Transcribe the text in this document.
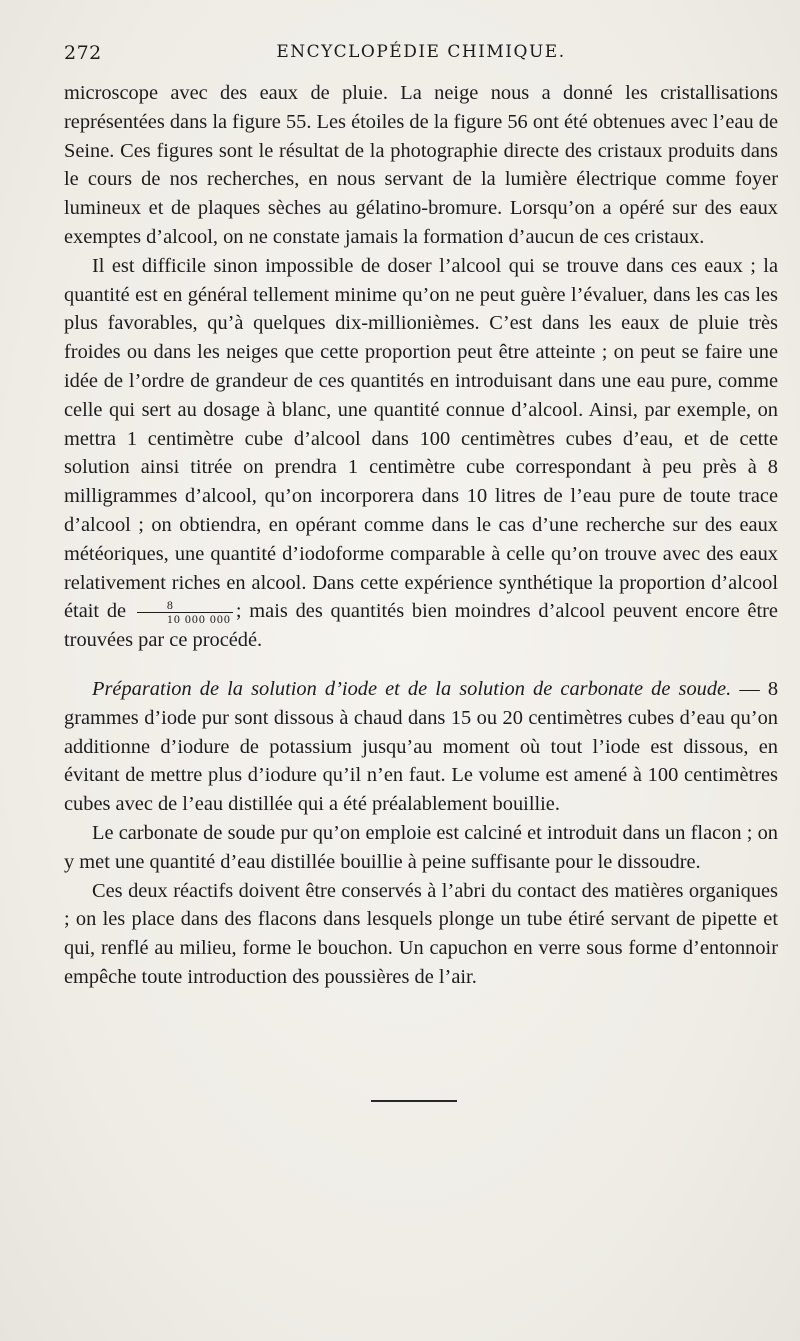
272	ENCYCLOPÉDIE CHIMIQUE.

microscope avec des eaux de pluie. La neige nous a donné les cristallisations représentées dans la figure 55. Les étoiles de la figure 56 ont été obtenues avec l’eau de Seine. Ces figures sont le résultat de la photographie directe des cristaux produits dans le cours de nos recherches, en nous servant de la lumière électrique comme foyer lumineux et de plaques sèches au gélatino-bromure. Lorsqu’on a opéré sur des eaux exemptes d’alcool, on ne constate jamais la formation d’aucun de ces cristaux.

Il est difficile sinon impossible de doser l’alcool qui se trouve dans ces eaux ; la quantité est en général tellement minime qu’on ne peut guère l’évaluer, dans les cas les plus favorables, qu’à quelques dix-millionièmes. C’est dans les eaux de pluie très froides ou dans les neiges que cette proportion peut être atteinte ; on peut se faire une idée de l’ordre de grandeur de ces quantités en introduisant dans une eau pure, comme celle qui sert au dosage à blanc, une quantité connue d’alcool. Ainsi, par exemple, on mettra 1 centimètre cube d’alcool dans 100 centimètres cubes d’eau, et de cette solution ainsi titrée on prendra 1 centimètre cube correspondant à peu près à 8 milligrammes d’alcool, qu’on incorporera dans 10 litres de l’eau pure de toute trace d’alcool ; on obtiendra, en opérant comme dans le cas d’une recherche sur des eaux météoriques, une quantité d’iodoforme comparable à celle qu’on trouve avec des eaux relativement riches en alcool. Dans cette expérience synthétique la proportion d’alcool était de $\frac{8}{10 000 000}$ ; mais des quantités bien moindres d’alcool peuvent encore être trouvées par ce procédé.

Préparation de la solution d’iode et de la solution de carbonate de soude. — 8 grammes d’iode pur sont dissous à chaud dans 15 ou 20 centimètres cubes d’eau qu’on additionne d’iodure de potassium jusqu’au moment où tout l’iode est dissous, en évitant de mettre plus d’iodure qu’il n’en faut. Le volume est amené à 100 centimètres cubes avec de l’eau distillée qui a été préalablement bouillie.

Le carbonate de soude pur qu’on emploie est calciné et introduit dans un flacon ; on y met une quantité d’eau distillée bouillie à peine suffisante pour le dissoudre.

Ces deux réactifs doivent être conservés à l’abri du contact des matières organiques ; on les place dans des flacons dans lesquels plonge un tube étiré servant de pipette et qui, renflé au milieu, forme le bouchon. Un capuchon en verre sous forme d’entonnoir empêche toute introduction des poussières de l’air.
